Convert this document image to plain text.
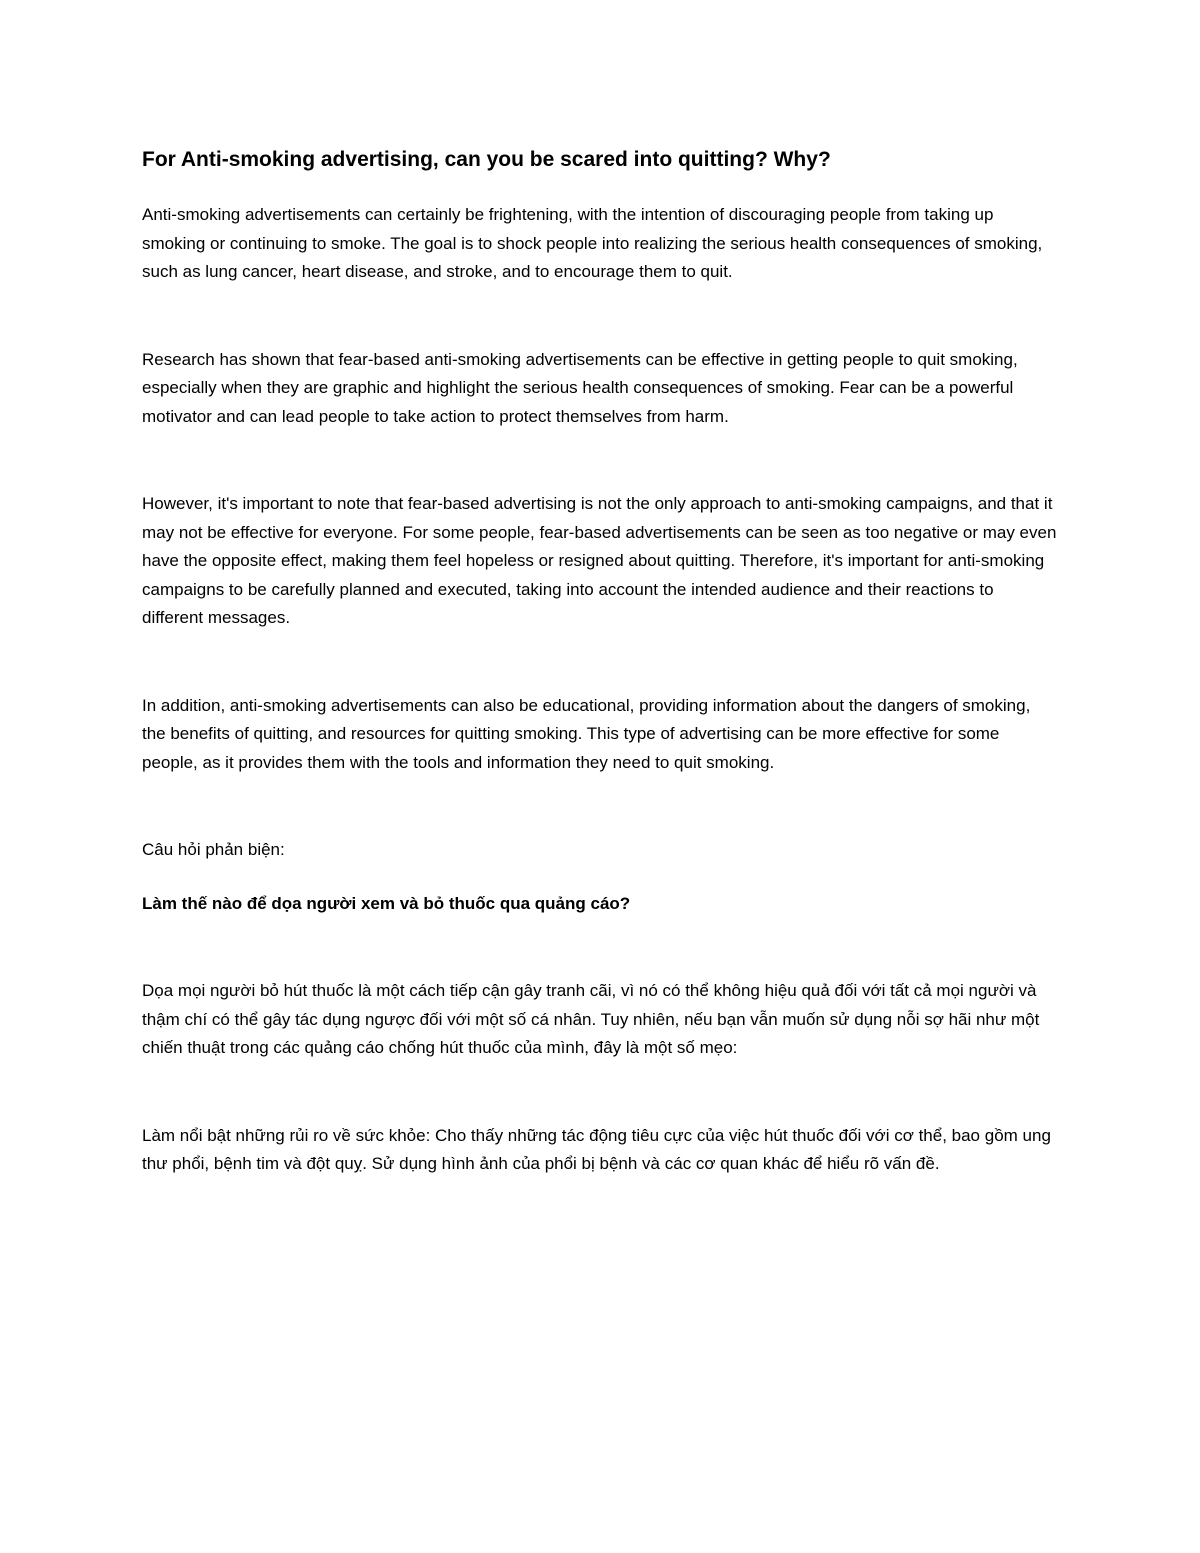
For Anti-smoking advertising, can you be scared into quitting? Why?

Anti-smoking advertisements can certainly be frightening, with the intention of discouraging people from taking up smoking or continuing to smoke. The goal is to shock people into realizing the serious health consequences of smoking, such as lung cancer, heart disease, and stroke, and to encourage them to quit.

Research has shown that fear-based anti-smoking advertisements can be effective in getting people to quit smoking, especially when they are graphic and highlight the serious health consequences of smoking. Fear can be a powerful motivator and can lead people to take action to protect themselves from harm.

However, it's important to note that fear-based advertising is not the only approach to anti-smoking campaigns, and that it may not be effective for everyone. For some people, fear-based advertisements can be seen as too negative or may even have the opposite effect, making them feel hopeless or resigned about quitting. Therefore, it's important for anti-smoking campaigns to be carefully planned and executed, taking into account the intended audience and their reactions to different messages.

In addition, anti-smoking advertisements can also be educational, providing information about the dangers of smoking, the benefits of quitting, and resources for quitting smoking. This type of advertising can be more effective for some people, as it provides them with the tools and information they need to quit smoking.

Câu hỏi phản biện:

Làm thế nào để dọa người xem và bỏ thuốc qua quảng cáo?

Dọa mọi người bỏ hút thuốc là một cách tiếp cận gây tranh cãi, vì nó có thể không hiệu quả đối với tất cả mọi người và thậm chí có thể gây tác dụng ngược đối với một số cá nhân. Tuy nhiên, nếu bạn vẫn muốn sử dụng nỗi sợ hãi như một chiến thuật trong các quảng cáo chống hút thuốc của mình, đây là một số mẹo:

Làm nổi bật những rủi ro về sức khỏe: Cho thấy những tác động tiêu cực của việc hút thuốc đối với cơ thể, bao gồm ung thư phổi, bệnh tim và đột quỵ. Sử dụng hình ảnh của phổi bị bệnh và các cơ quan khác để hiểu rõ vấn đề.
